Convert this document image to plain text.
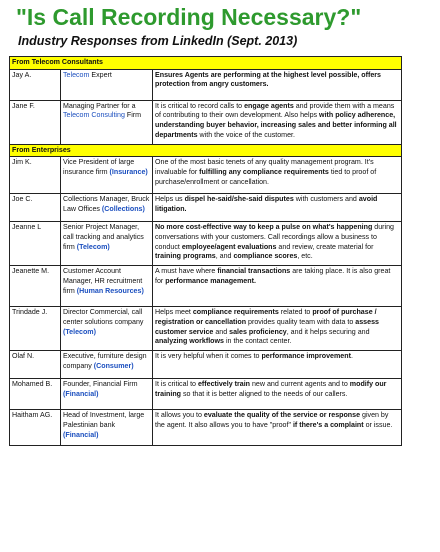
"Is Call Recording Necessary?"
Industry Responses from LinkedIn (Sept. 2013)
From Telecom Consultants		
Jay A.	Telecom Expert	Ensures Agents are performing at the highest level possible, offers protection from angry customers.
Jane F.	Managing Partner for a Telecom Consulting Firm	It is critical to record calls to engage agents and provide them with a means of contributing to their own development. Also helps with policy adherence, understanding buyer behavior, increasing sales and better informing all departments with the voice of the customer.
From Enterprises		
Jim K.	Vice President of large insurance firm (Insurance)	One of the most basic tenets of any quality management program. It's invaluable for fulfilling any compliance requirements tied to proof of purchase/enrollment or cancellation.
Joe C.	Collections Manager, Bruck Law Offices (Collections)	Helps us dispel he-said/she-said disputes with customers and avoid litigation.
Jeanne L	Senior Project Manager, call tracking and analytics firm (Telecom)	No more cost-effective way to keep a pulse on what's happening during conversations with your customers. Call recordings allow a business to conduct employee/agent evaluations and review, create material for training programs, and compliance scores, etc.
Jeanette M.	Customer Account Manager, HR recruitment firm (Human Resources)	A must have where financial transactions are taking place. It is also great for performance management.
Trindade J.	Director Commercial, call center solutions company (Telecom)	Helps meet compliance requirements related to proof of purchase / registration or cancellation provides quality team with data to assess customer service and sales proficiency, and it helps securing and analyzing workflows in the contact center.
Olaf N.	Executive, furniture design company (Consumer)	It is very helpful when it comes to performance improvement.
Mohamed B.	Founder, Financial Firm (Financial)	It is critical to effectively train new and current agents and to modify our training so that it is better aligned to the needs of our callers.
Haitham AG.	Head of Investment, large Palestinian bank (Financial)	It allows you to evaluate the quality of the service or response given by the agent. It also allows you to have "proof" if there's a complaint or issue.
